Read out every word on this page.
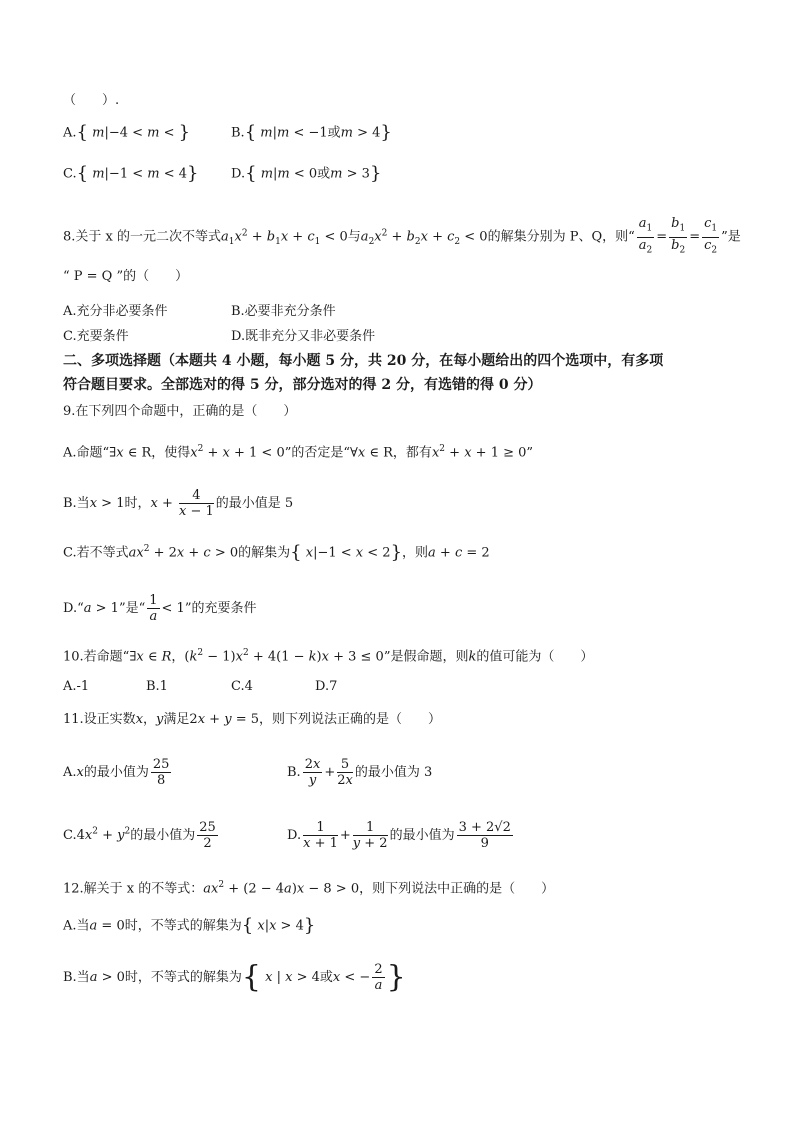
（　　）.
A.{ m|−4 < m < }	B.{ m|m < −1或m > 4}
C.{ m|−1 < m < 4}	D.{ m|m < 0或m > 3}
8.关于 x 的一元二次不等式$a_1x^2 + b_1x + c_1 < 0$与$a_2x^2 + b_2x + c_2 < 0$的解集分别为 P、Q，则“ $\frac{a_1}{a_2} = \frac{b_1}{b_2} = \frac{c_1}{c_2}$ ”是
“ P = Q ”的（　　）
A.充分非必要条件	B.必要非充分条件
C.充要条件	D.既非充分又非必要条件
二、多项选择题（本题共 4 小题，每小题 5 分，共 20 分，在每小题给出的四个选项中，有多项
符合题目要求。全部选对的得 5 分，部分选对的得 2 分，有选错的得 0 分）
9.在下列四个命题中，正确的是（　　）
A.命题“∃x ∈ R，使得$x^2 + x + 1 < 0$”的否定是“∀x ∈ R，都有$x^2 + x + 1 \ge 0$”
B.当x > 1时，$x + \frac{4}{x - 1}$ 的最小值是 5
C.若不等式$ax^2 + 2x + c > 0$的解集为{ x|−1 < x < 2}，则a + c = 2
D.“a > 1”是“ $\frac{1}{a} < 1$”的充要条件
10.若命题“∃x ∈ R，$(k^2 - 1)x^2 + 4(1 - k)x + 3 \le 0$”是假命题，则k的值可能为（　　）
A.-1	B.1	C.4	D.7
11.设正实数x，y满足2x + y = 5，则下列说法正确的是（　　）
A.x的最小值为 $\frac{25}{8}$	B. $\frac{2x}{y} + \frac{5}{2x}$ 的最小值为 3
$C.4x^2 + y^2$的最小值为 $\frac{25}{2}$	D. $\frac{1}{x + 1} + \frac{1}{y + 2}$ 的最小值为 $\frac{3 + 2√2}{9}$
12.解关于 x 的不等式：$ax^2 + (2 - 4a)x - 8 > 0$，则下列说法中正确的是（　　）
A.当a = 0时，不等式的解集为{ x|x > 4}
B.当a > 0时，不等式的解集为{ x | x > 4或x < − $\frac{2}{a}$ }
